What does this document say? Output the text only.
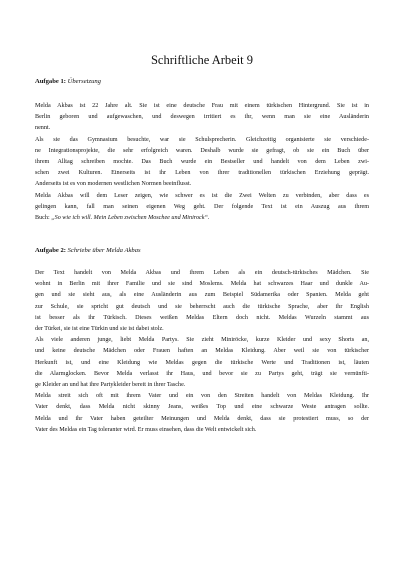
Schriftliche Arbeit 9
Aufgabe 1: Übersetzung
Melda Akbas ist 22 Jahre alt. Sie ist eine deutsche Frau mit einem türkischen Hintergrund. Sie ist in
Berlin geboren und aufgewaschen, und deswegen irritiert es ihr, wenn man sie eine Ausländerin
nennt.
Als sie das Gymnasium besuchte, war sie Schulsprecherin. Gleichzeitig organisierte sie verschiede-
ne Integrationsprojekte, die sehr erfolgreich waren. Deshalb wurde sie gefragt, ob sie ein Buch über
ihrem Alltag schreiben mochte. Das Buch wurde ein Bestseller und handelt von dem Leben zwi-
schen zwei Kulturen. Einerseits ist ihr Leben von ihrer traditionellen türkischen Erziehung geprägt.
Anderseits ist es von modernen westlichen Normen beeinflusst.
Melda Akbas will dem Leser zeigen, wie schwer es ist die Zwei Welten zu verbinden, aber dass es
gelingen kann, fall man seinen eigenen Weg geht. Der folgende Text ist ein Auszug aus ihrem
Buch: „So wie ich will. Mein Leben zwischen Moschee und Minirock“.
Aufgabe 2: Schriebe über Melda Akbas
Der Text handelt von Melda Akbas und ihrem Leben als ein deutsch-türkisches Mädchen. Sie
wohnt in Berlin mit ihrer Familie und sie sind Moslems. Melda hat schwarzes Haar und dunkle Au-
gen und sie sieht aus, als eine Ausländerin aus zum Beispiel Südamerika oder Spanien. Melda geht
zur Schule, sie spricht gut deutsch und sie beherrscht auch die türkische Sprache, aber ihr English
ist besser als ihr Türkisch. Dieses weißen Meldas Eltern doch nicht. Meldas Wurzeln stammt aus
der Türkei, sie ist eine Türkin und sie ist dabei stolz.
Als viele anderen junge, liebt Melda Partys. Sie zieht Miniröcke, kurze Kleider und sexy Shorts an,
und keine deutsche Mädchen oder Frauen haften an Meldas Kleidung. Aber weil sie von türkischer
Herkunft ist, und eine Kleidung wie Meldas gegen die türkische Werte und Traditionen ist, läuten
die Alarmglocken. Bevor Melda verlasst ihr Haus, und bevor sie zu Partys geht, trägt sie vernünfti-
ge Kleider an und hat ihre Partykleider bereit in ihrer Tasche.
Melda streit sich oft mit ihrem Vater und ein von den Streiten handelt von Meldas Kleidung. Ihr
Vater denkt, dass Melda nicht skinny Jeans, weißes Top und eine schwarze Weste antragen sollte.
Melda und ihr Vater haben geteilter Meinungen und Melda denkt, dass sie protestiert muss, so der
Vater des Meldas ein Tag toleranter wird. Er muss einsehen, dass die Welt entwickelt sich.
